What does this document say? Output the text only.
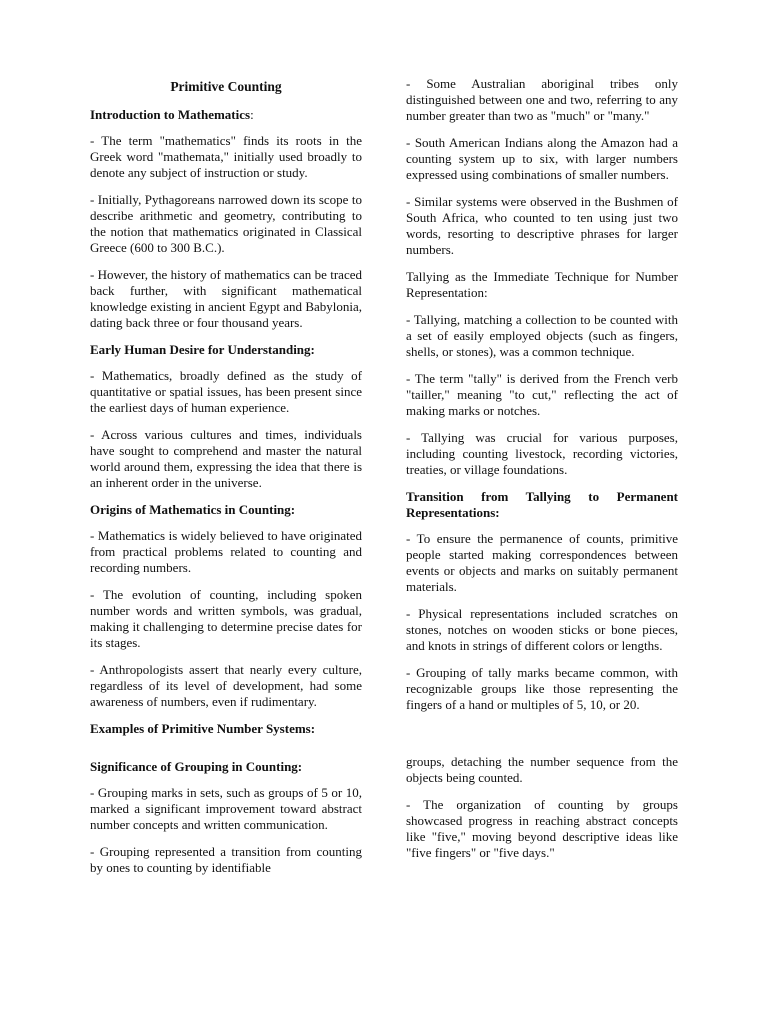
Primitive Counting
Introduction to Mathematics:

- The term "mathematics" finds its roots in the Greek word "mathemata," initially used broadly to denote any subject of instruction or study.

- Initially, Pythagoreans narrowed down its scope to describe arithmetic and geometry, contributing to the notion that mathematics originated in Classical Greece (600 to 300 B.C.).

- However, the history of mathematics can be traced back further, with significant mathematical knowledge existing in ancient Egypt and Babylonia, dating back three or four thousand years.

Early Human Desire for Understanding:

- Mathematics, broadly defined as the study of quantitative or spatial issues, has been present since the earliest days of human experience.

- Across various cultures and times, individuals have sought to comprehend and master the natural world around them, expressing the idea that there is an inherent order in the universe.

Origins of Mathematics in Counting:

- Mathematics is widely believed to have originated from practical problems related to counting and recording numbers.

- The evolution of counting, including spoken number words and written symbols, was gradual, making it challenging to determine precise dates for its stages.

- Anthropologists assert that nearly every culture, regardless of its level of development, had some awareness of numbers, even if rudimentary.

Examples of Primitive Number Systems:
Significance of Grouping in Counting:

- Grouping marks in sets, such as groups of 5 or 10, marked a significant improvement toward abstract number concepts and written communication.

- Grouping represented a transition from counting by ones to counting by identifiable

- Some Australian aboriginal tribes only distinguished between one and two, referring to any number greater than two as "much" or "many."

- South American Indians along the Amazon had a counting system up to six, with larger numbers expressed using combinations of smaller numbers.

- Similar systems were observed in the Bushmen of South Africa, who counted to ten using just two words, resorting to descriptive phrases for larger numbers.

Tallying as the Immediate Technique for Number Representation:

- Tallying, matching a collection to be counted with a set of easily employed objects (such as fingers, shells, or stones), was a common technique.

- The term "tally" is derived from the French verb "tailler," meaning "to cut," reflecting the act of making marks or notches.

- Tallying was crucial for various purposes, including counting livestock, recording victories, treaties, or village foundations.

Transition from Tallying to Permanent Representations:

- To ensure the permanence of counts, primitive people started making correspondences between events or objects and marks on suitably permanent materials.

- Physical representations included scratches on stones, notches on wooden sticks or bone pieces, and knots in strings of different colors or lengths.

- Grouping of tally marks became common, with recognizable groups like those representing the fingers of a hand or multiples of 5, 10, or 20.

groups, detaching the number sequence from the objects being counted.

- The organization of counting by groups showcased progress in reaching abstract concepts like "five," moving beyond descriptive ideas like "five fingers" or "five days."
